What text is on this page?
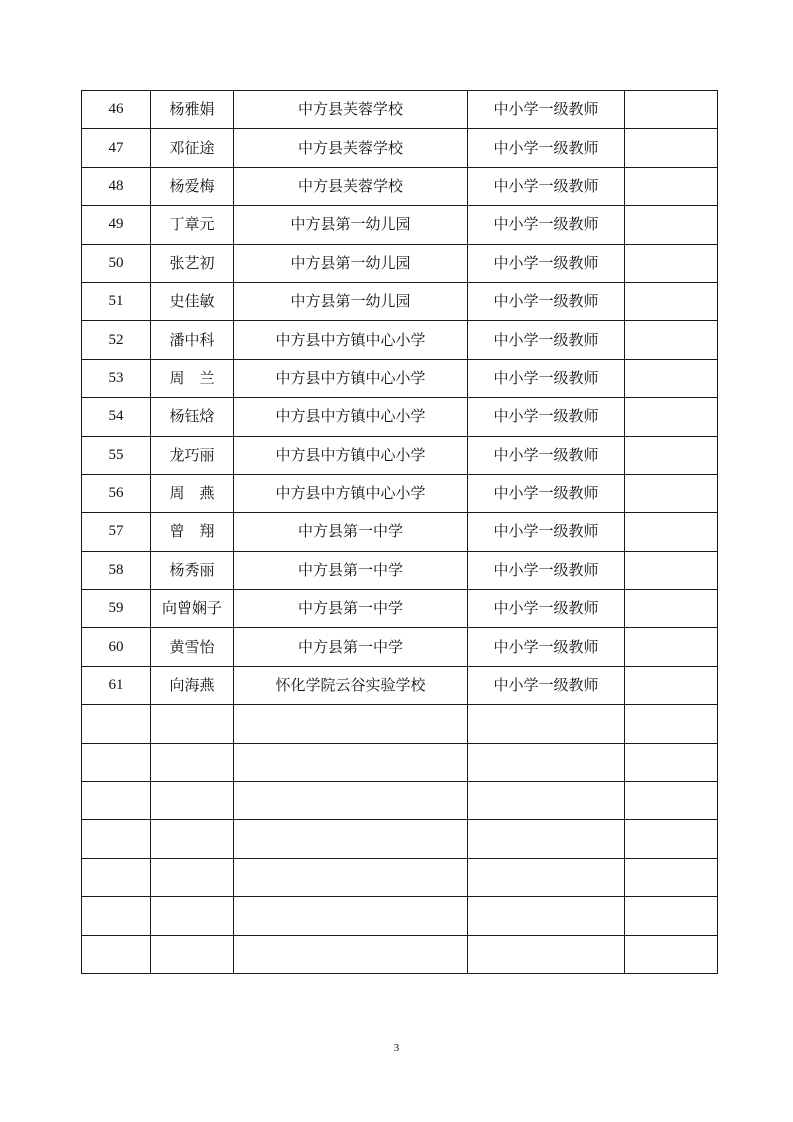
46	杨雅娟	中方县芙蓉学校	中小学一级教师	
47	邓征途	中方县芙蓉学校	中小学一级教师	
48	杨爱梅	中方县芙蓉学校	中小学一级教师	
49	丁章元	中方县第一幼儿园	中小学一级教师	
50	张艺初	中方县第一幼儿园	中小学一级教师	
51	史佳敏	中方县第一幼儿园	中小学一级教师	
52	潘中科	中方县中方镇中心小学	中小学一级教师	
53	周　兰	中方县中方镇中心小学	中小学一级教师	
54	杨钰焓	中方县中方镇中心小学	中小学一级教师	
55	龙巧丽	中方县中方镇中心小学	中小学一级教师	
56	周　燕	中方县中方镇中心小学	中小学一级教师	
57	曾　翔	中方县第一中学	中小学一级教师	
58	杨秀丽	中方县第一中学	中小学一级教师	
59	向曾娴子	中方县第一中学	中小学一级教师	
60	黄雪怡	中方县第一中学	中小学一级教师	
61	向海燕	怀化学院云谷实验学校	中小学一级教师	

3
